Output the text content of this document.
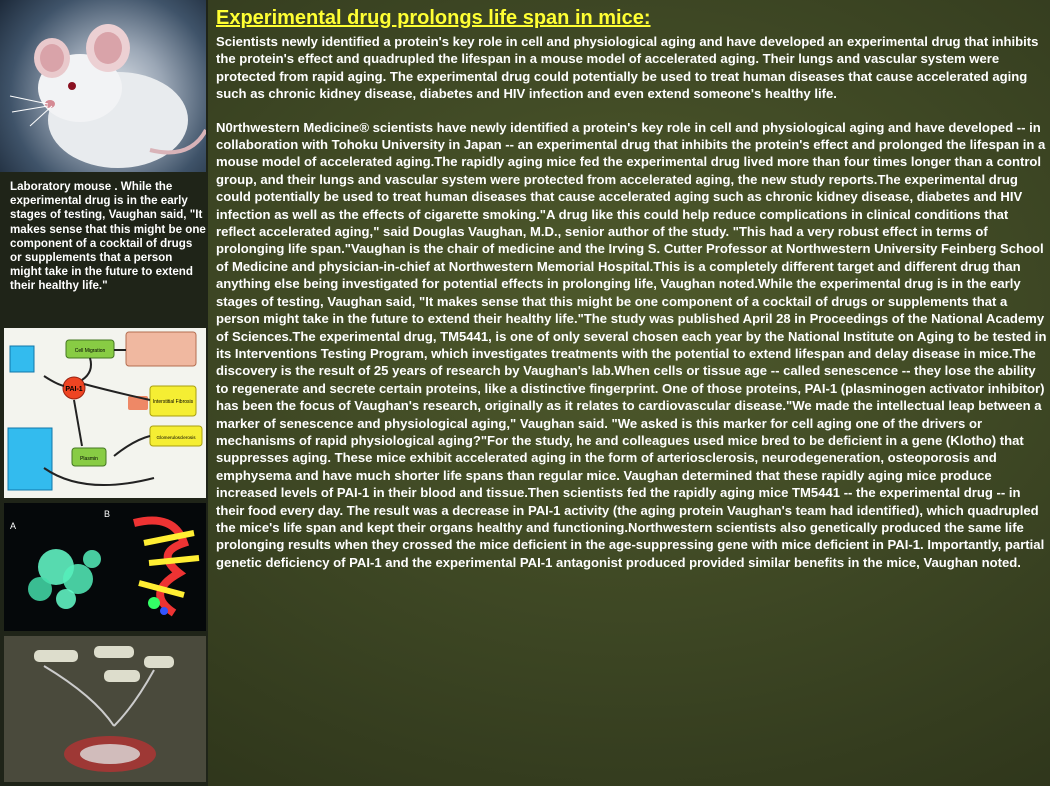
Laboratory mouse . While the experimental drug is in the early stages of testing, Vaughan said, "It makes sense that this might be one component of a cocktail of drugs or supplements that a person might take in the future to extend their healthy life."
PAI-1
Cell Migration
Interstitial Fibrosis
Glomerulosclerosis
Plasmin
A
B
Experimental drug prolongs life span in mice:

Scientists newly identified a protein's key role in cell and physiological aging and have developed an experimental drug that inhibits the protein's effect and quadrupled the lifespan in a mouse model of accelerated aging. Their lungs and vascular system were protected from rapid aging. The experimental drug could potentially be used to treat human diseases that cause accelerated aging such as chronic kidney disease, diabetes and HIV infection and even extend someone's healthy life.

N0rthwestern Medicine® scientists have newly identified a protein's key role in cell and physiological aging and have developed -- in collaboration with Tohoku University in Japan -- an experimental drug that inhibits the protein's effect and prolonged the lifespan in a mouse model of accelerated aging.The rapidly aging mice fed the experimental drug lived more than four times longer than a control group, and their lungs and vascular system were protected from accelerated aging, the new study reports.The experimental drug could potentially be used to treat human diseases that cause accelerated aging such as chronic kidney disease, diabetes and HIV infection as well as the effects of cigarette smoking."A drug like this could help reduce complications in clinical conditions that reflect accelerated aging," said Douglas Vaughan, M.D., senior author of the study. "This had a very robust effect in terms of prolonging life span."Vaughan is the chair of medicine and the Irving S. Cutter Professor at Northwestern University Feinberg School of Medicine and physician-in-chief at Northwestern Memorial Hospital.This is a completely different target and different drug than anything else being investigated for potential effects in prolonging life, Vaughan noted.While the experimental drug is in the early stages of testing, Vaughan said, "It makes sense that this might be one component of a cocktail of drugs or supplements that a person might take in the future to extend their healthy life."The study was published April 28 in Proceedings of the National Academy of Sciences.The experimental drug, TM5441, is one of only several chosen each year by the National Institute on Aging to be tested in its Interventions Testing Program, which investigates treatments with the potential to extend lifespan and delay disease in mice.The discovery is the result of 25 years of research by Vaughan's lab.When cells or tissue age -- called senescence -- they lose the ability to regenerate and secrete certain proteins, like a distinctive fingerprint. One of those proteins, PAI-1 (plasminogen activator inhibitor) has been the focus of Vaughan's research, originally as it relates to cardiovascular disease."We made the intellectual leap between a marker of senescence and physiological aging," Vaughan said. "We asked is this marker for cell aging one of the drivers or mechanisms of rapid physiological aging?"For the study, he and colleagues used mice bred to be deficient in a gene (Klotho) that suppresses aging. These mice exhibit accelerated aging in the form of arteriosclerosis, neurodegeneration, osteoporosis and emphysema and have much shorter life spans than regular mice. Vaughan determined that these rapidly aging mice produce increased levels of PAI-1 in their blood and tissue.Then scientists fed the rapidly aging mice TM5441 -- the experimental drug -- in their food every day. The result was a decrease in PAI-1 activity (the aging protein Vaughan's team had identified), which quadrupled the mice's life span and kept their organs healthy and functioning.Northwestern scientists also genetically produced the same life prolonging results when they crossed the mice deficient in the age-suppressing gene with mice deficient in PAI-1. Importantly, partial genetic deficiency of PAI-1 and the experimental PAI-1 antagonist produced provided similar benefits in the mice, Vaughan noted.
